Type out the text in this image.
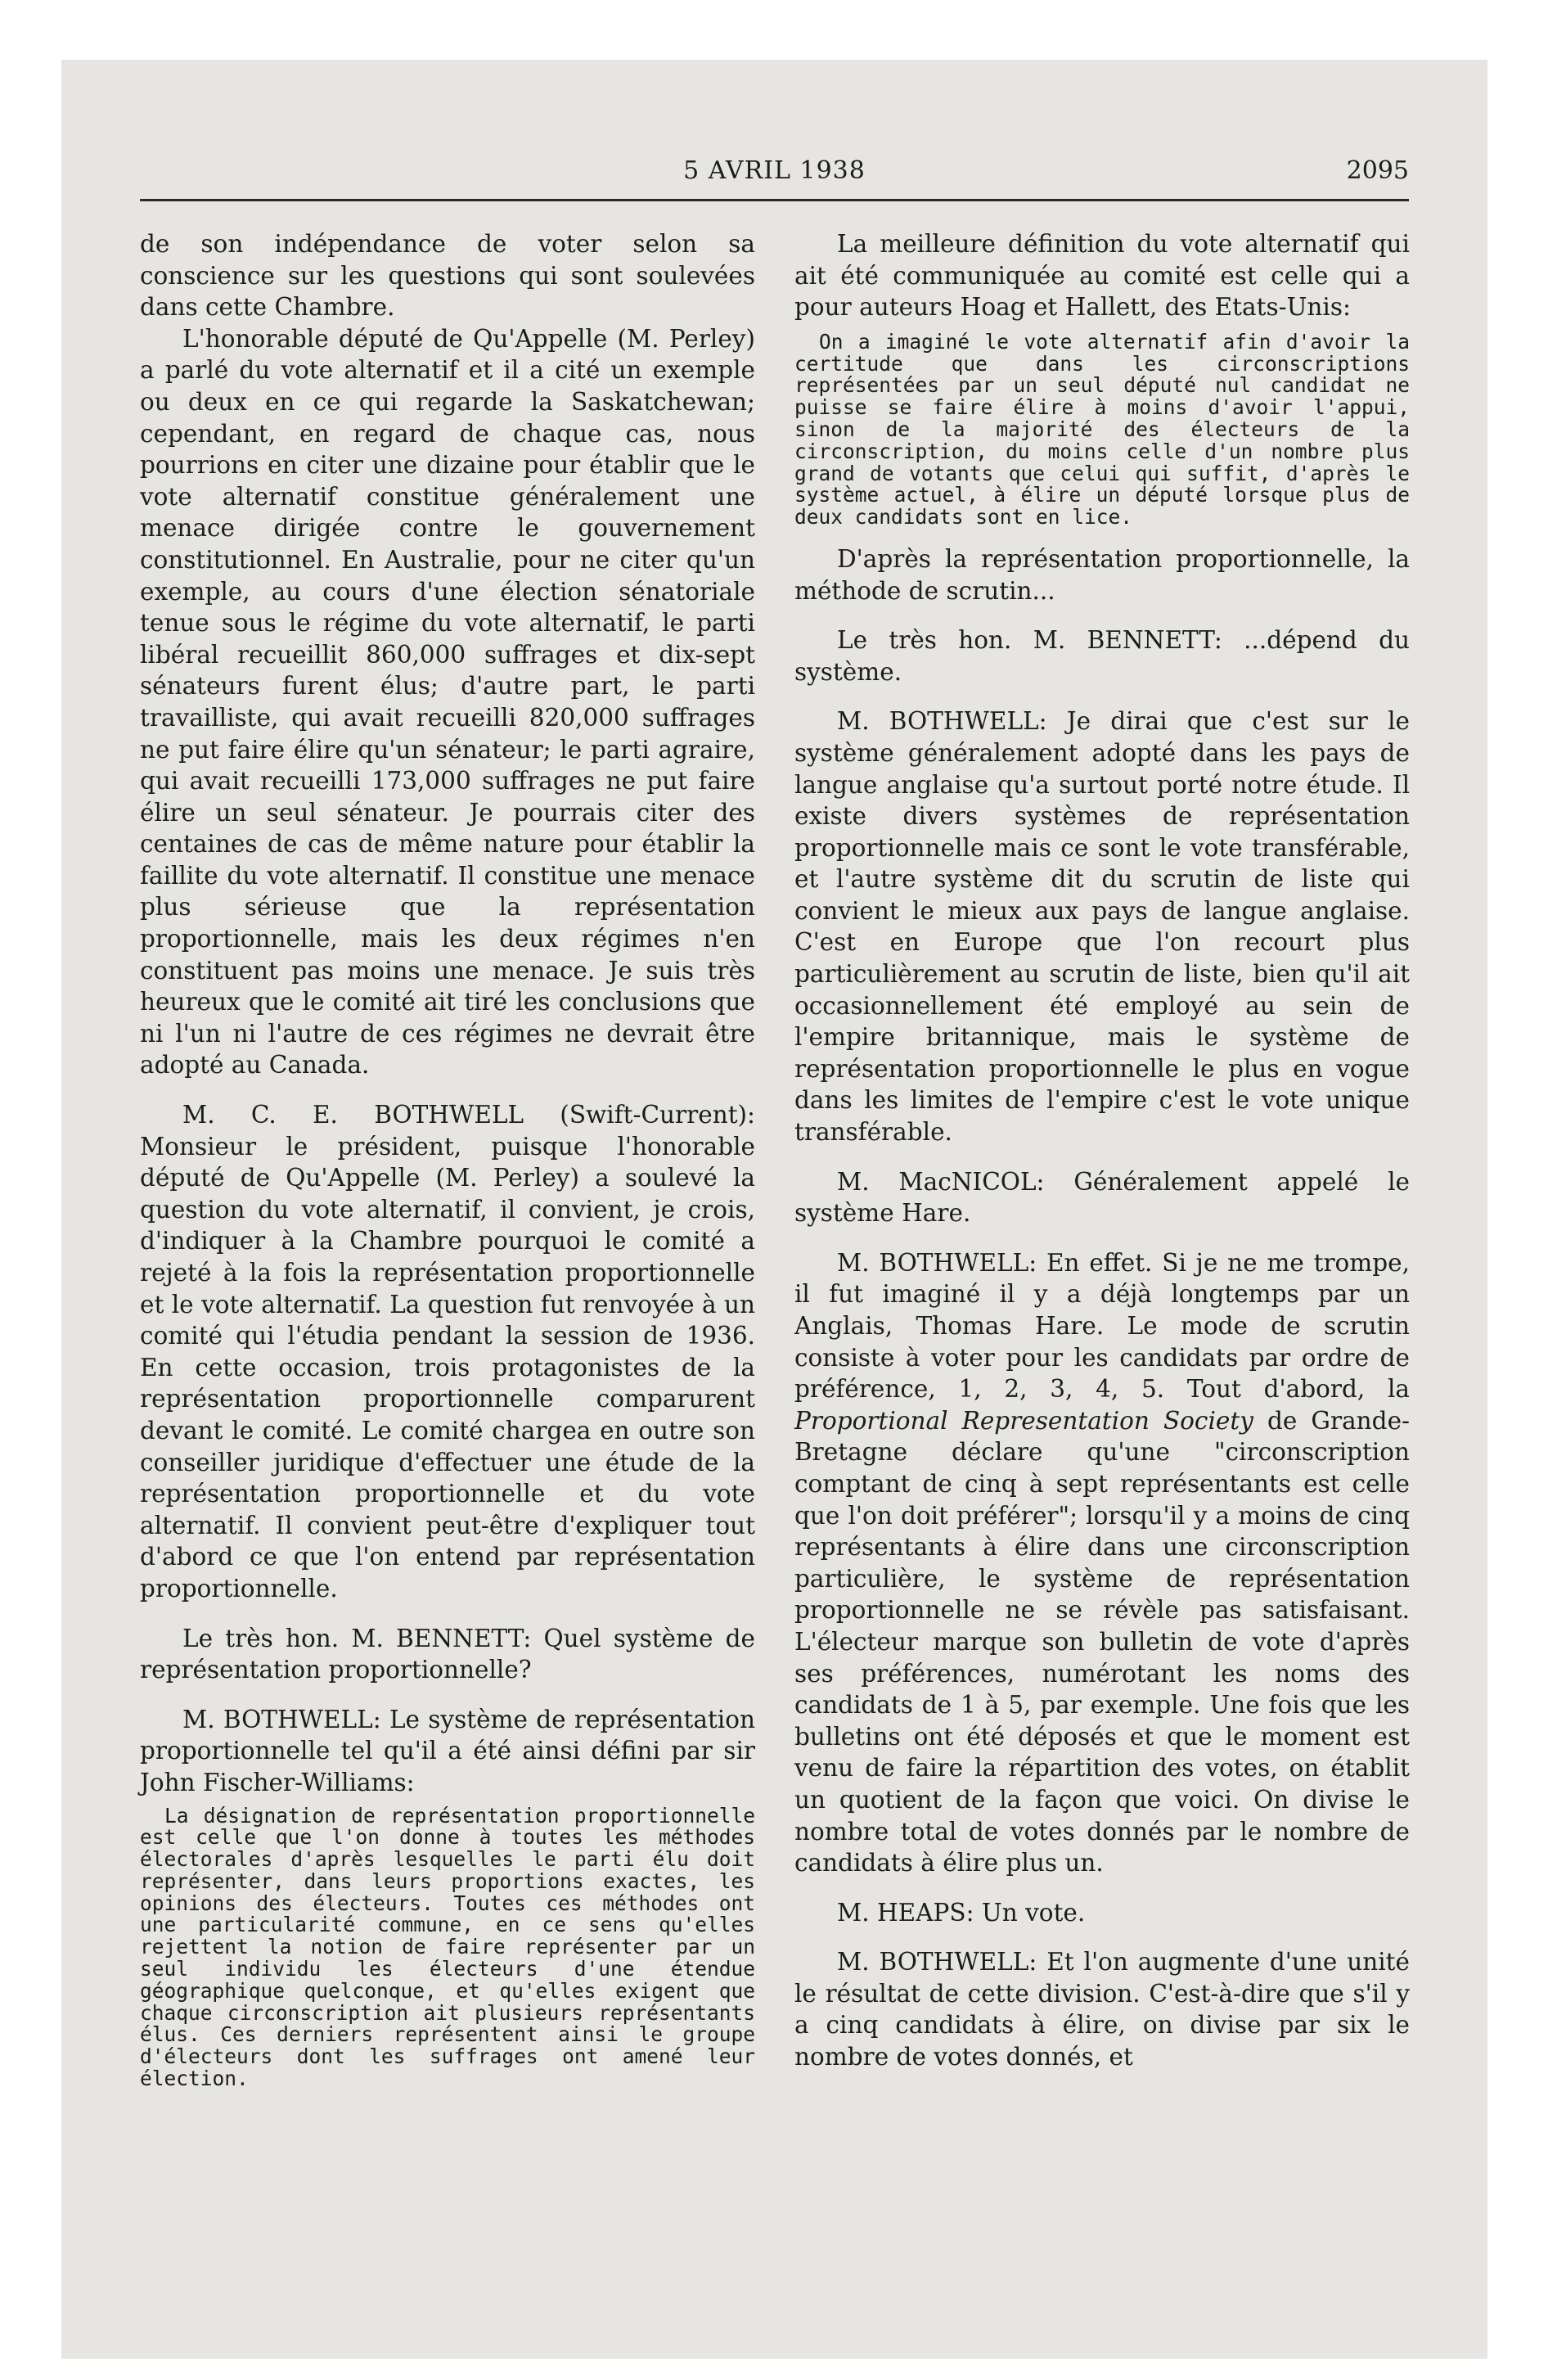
5 AVRIL 1938	2095

de son indépendance de voter selon sa conscience sur les questions qui sont soulevées dans cette Chambre.

L'honorable député de Qu'Appelle (M. Perley) a parlé du vote alternatif et il a cité un exemple ou deux en ce qui regarde la Saskatchewan; cependant, en regard de chaque cas, nous pourrions en citer une dizaine pour établir que le vote alternatif constitue généralement une menace dirigée contre le gouvernement constitutionnel. En Australie, pour ne citer qu'un exemple, au cours d'une élection sénatoriale tenue sous le régime du vote alternatif, le parti libéral recueillit 860,000 suffrages et dix-sept sénateurs furent élus; d'autre part, le parti travailliste, qui avait recueilli 820,000 suffrages ne put faire élire qu'un sénateur; le parti agraire, qui avait recueilli 173,000 suffrages ne put faire élire un seul sénateur. Je pourrais citer des centaines de cas de même nature pour établir la faillite du vote alternatif. Il constitue une menace plus sérieuse que la représentation proportionnelle, mais les deux régimes n'en constituent pas moins une menace. Je suis très heureux que le comité ait tiré les conclusions que ni l'un ni l'autre de ces régimes ne devrait être adopté au Canada.

M. C. E. BOTHWELL (Swift-Current): Monsieur le président, puisque l'honorable député de Qu'Appelle (M. Perley) a soulevé la question du vote alternatif, il convient, je crois, d'indiquer à la Chambre pourquoi le comité a rejeté à la fois la représentation proportionnelle et le vote alternatif. La question fut renvoyée à un comité qui l'étudia pendant la session de 1936. En cette occasion, trois protagonistes de la représentation proportionnelle comparurent devant le comité. Le comité chargea en outre son conseiller juridique d'effectuer une étude de la représentation proportionnelle et du vote alternatif. Il convient peut-être d'expliquer tout d'abord ce que l'on entend par représentation proportionnelle.

Le très hon. M. BENNETT: Quel système de représentation proportionnelle?

M. BOTHWELL: Le système de représentation proportionnelle tel qu'il a été ainsi défini par sir John Fischer-Williams:

La désignation de représentation proportionnelle est celle que l'on donne à toutes les méthodes électorales d'après lesquelles le parti élu doit représenter, dans leurs proportions exactes, les opinions des électeurs. Toutes ces méthodes ont une particularité commune, en ce sens qu'elles rejettent la notion de faire représenter par un seul individu les électeurs d'une étendue géographique quelconque, et qu'elles exigent que chaque circonscription ait plusieurs représentants élus. Ces derniers représentent ainsi le groupe d'électeurs dont les suffrages ont amené leur élection.

La meilleure définition du vote alternatif qui ait été communiquée au comité est celle qui a pour auteurs Hoag et Hallett, des Etats-Unis:

On a imaginé le vote alternatif afin d'avoir la certitude que dans les circonscriptions représentées par un seul député nul candidat ne puisse se faire élire à moins d'avoir l'appui, sinon de la majorité des électeurs de la circonscription, du moins celle d'un nombre plus grand de votants que celui qui suffit, d'après le système actuel, à élire un député lorsque plus de deux candidats sont en lice.

D'après la représentation proportionnelle, la méthode de scrutin...

Le très hon. M. BENNETT: ...dépend du système.

M. BOTHWELL: Je dirai que c'est sur le système généralement adopté dans les pays de langue anglaise qu'a surtout porté notre étude. Il existe divers systèmes de représentation proportionnelle mais ce sont le vote transférable, et l'autre système dit du scrutin de liste qui convient le mieux aux pays de langue anglaise. C'est en Europe que l'on recourt plus particulièrement au scrutin de liste, bien qu'il ait occasionnellement été employé au sein de l'empire britannique, mais le système de représentation proportionnelle le plus en vogue dans les limites de l'empire c'est le vote unique transférable.

M. MacNICOL: Généralement appelé le système Hare.

M. BOTHWELL: En effet. Si je ne me trompe, il fut imaginé il y a déjà longtemps par un Anglais, Thomas Hare. Le mode de scrutin consiste à voter pour les candidats par ordre de préférence, 1, 2, 3, 4, 5. Tout d'abord, la Proportional Representation Society de Grande-Bretagne déclare qu'une "circonscription comptant de cinq à sept représentants est celle que l'on doit préférer"; lorsqu'il y a moins de cinq représentants à élire dans une circonscription particulière, le système de représentation proportionnelle ne se révèle pas satisfaisant. L'électeur marque son bulletin de vote d'après ses préférences, numérotant les noms des candidats de 1 à 5, par exemple. Une fois que les bulletins ont été déposés et que le moment est venu de faire la répartition des votes, on établit un quotient de la façon que voici. On divise le nombre total de votes donnés par le nombre de candidats à élire plus un.

M. HEAPS: Un vote.

M. BOTHWELL: Et l'on augmente d'une unité le résultat de cette division. C'est-à-dire que s'il y a cinq candidats à élire, on divise par six le nombre de votes donnés, et
